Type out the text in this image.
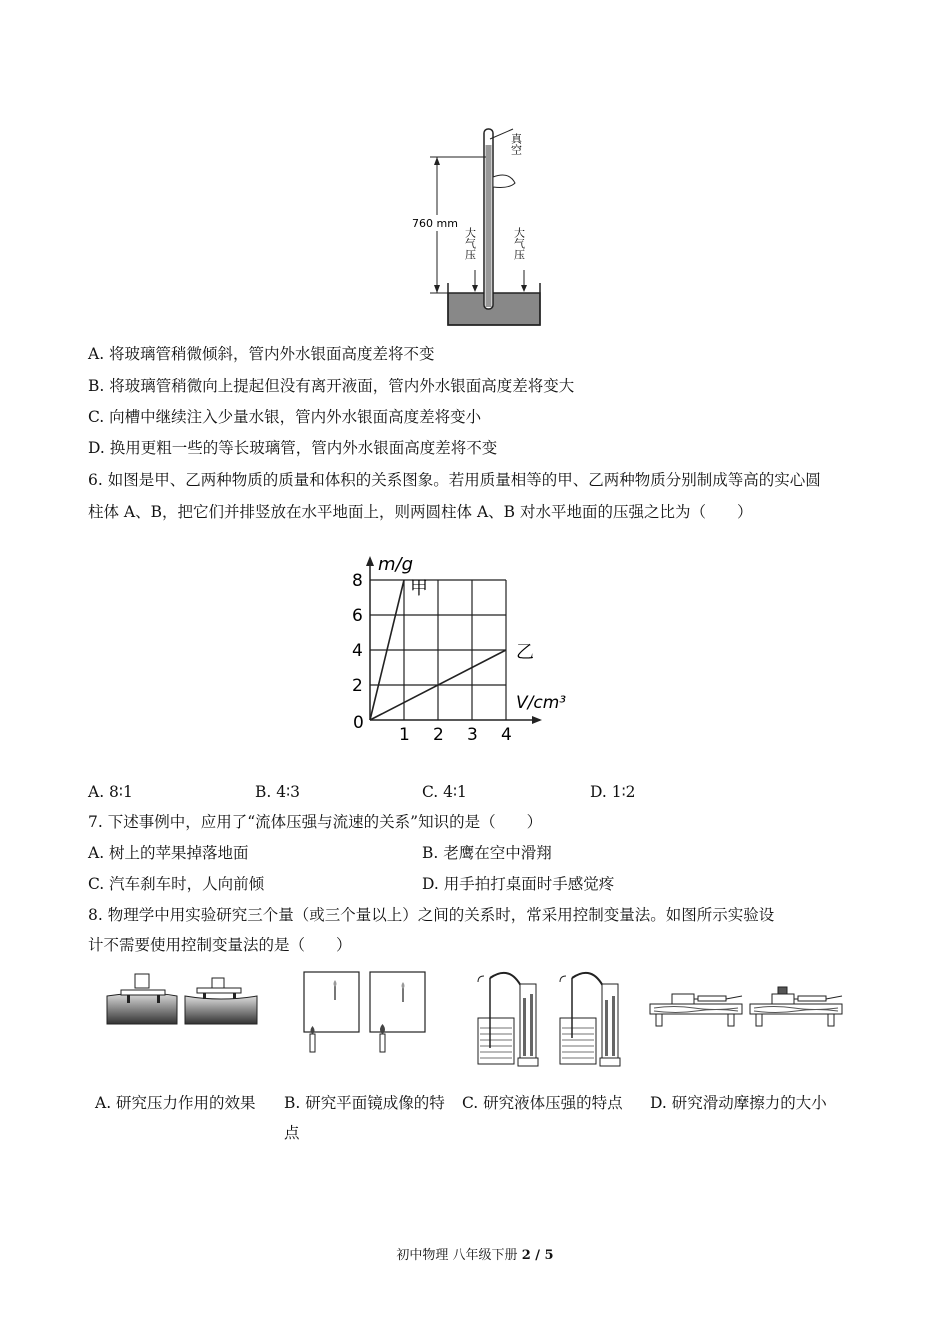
真空
760 mm
大气压	大气压
A. 将玻璃管稍微倾斜，管内外水银面高度差将不变
B. 将玻璃管稍微向上提起但没有离开液面，管内外水银面高度差将变大
C. 向槽中继续注入少量水银，管内外水银面高度差将变小
D. 换用更粗一些的等长玻璃管，管内外水银面高度差将不变
6. 如图是甲、乙两种物质的质量和体积的关系图象。若用质量相等的甲、乙两种物质分别制成等高的实心圆
柱体 A、B，把它们并排竖放在水平地面上，则两圆柱体 A、B 对水平地面的压强之比为（　　）
甲
乙
1 2 3 4
2
4
6
8
0
m/g
V/cm³
A. 8∶1	B. 4∶3	C. 4∶1	D. 1∶2
7. 下述事例中，应用了“流体压强与流速的关系”知识的是（　　）
A. 树上的苹果掉落地面	B. 老鹰在空中滑翔
C. 汽车刹车时，人向前倾	D. 用手拍打桌面时手感觉疼
8. 物理学中用实验研究三个量（或三个量以上）之间的关系时，常采用控制变量法。如图所示实验设
计不需要使用控制变量法的是（　　）
A. 研究压力作用的效果	B. 研究平面镜成像的特点
C. 研究液体压强的特点	D. 研究滑动摩擦力的大小
初中物理 八年级下册 2 / 5
